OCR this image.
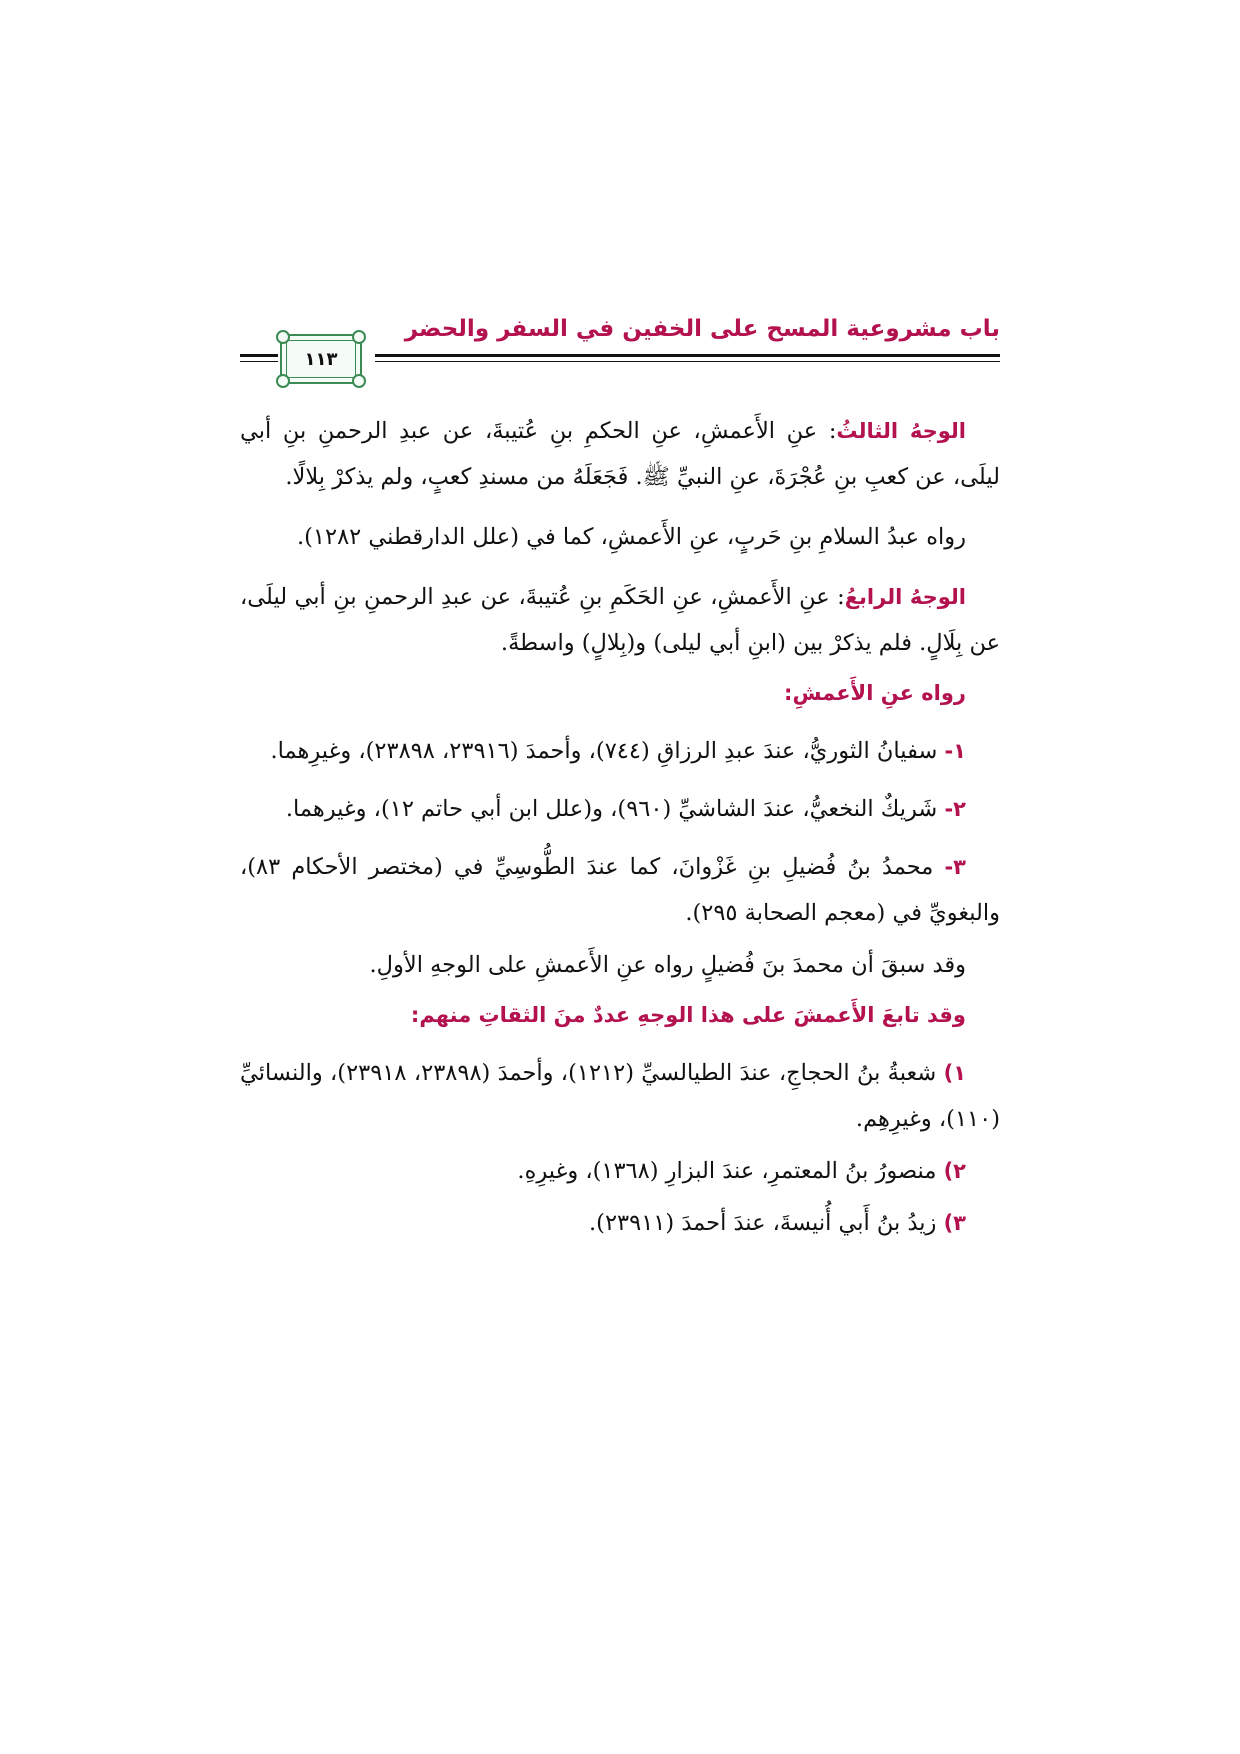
باب مشروعية المسح على الخفين في السفر والحضر
١١٣

الوجهُ الثالثُ: عنِ الأَعمشِ، عنِ الحكمِ بنِ عُتيبةَ، عن عبدِ الرحمنِ بنِ أبي ليلَى، عن كعبِ بنِ عُجْرَةَ، عنِ النبيِّ ﷺ. فَجَعَلَهُ من مسندِ كعبٍ، ولم يذكرْ بِلالًا.

رواه عبدُ السلامِ بنِ حَربٍ، عنِ الأَعمشِ، كما في (علل الدارقطني ١٢٨٢).

الوجهُ الرابعُ: عنِ الأَعمشِ، عنِ الحَكَمِ بنِ عُتيبةَ، عن عبدِ الرحمنِ بنِ أبي ليلَى، عن بِلَالٍ. فلم يذكرْ بين (ابنِ أبي ليلى) و(بِلالٍ) واسطةً.

رواه عنِ الأَعمشِ:

١- سفيانُ الثوريُّ، عندَ عبدِ الرزاقِ (٧٤٤)، وأحمدَ (٢٣٩١٦، ٢٣٨٩٨)، وغيرِهما.

٢- شَريكٌ النخعيُّ، عندَ الشاشيِّ (٩٦٠)، و(علل ابن أبي حاتم ١٢)، وغيرهما.

٣- محمدُ بنُ فُضيلِ بنِ غَزْوانَ، كما عندَ الطُّوسِيِّ في (مختصر الأحكام ٨٣)، والبغويِّ في (معجم الصحابة ٢٩٥).

وقد سبقَ أن محمدَ بنَ فُضيلٍ رواه عنِ الأَعمشِ على الوجهِ الأولِ.

وقد تابعَ الأَعمشَ على هذا الوجهِ عددٌ منَ الثقاتِ منهم:

١) شعبةُ بنُ الحجاجِ، عندَ الطيالسيِّ (١٢١٢)، وأحمدَ (٢٣٨٩٨، ٢٣٩١٨)، والنسائيِّ (١١٠)، وغيرِهِم.

٢) منصورُ بنُ المعتمرِ، عندَ البزارِ (١٣٦٨)، وغيرِهِ.

٣) زيدُ بنُ أَبي أُنيسةَ، عندَ أحمدَ (٢٣٩١١).
